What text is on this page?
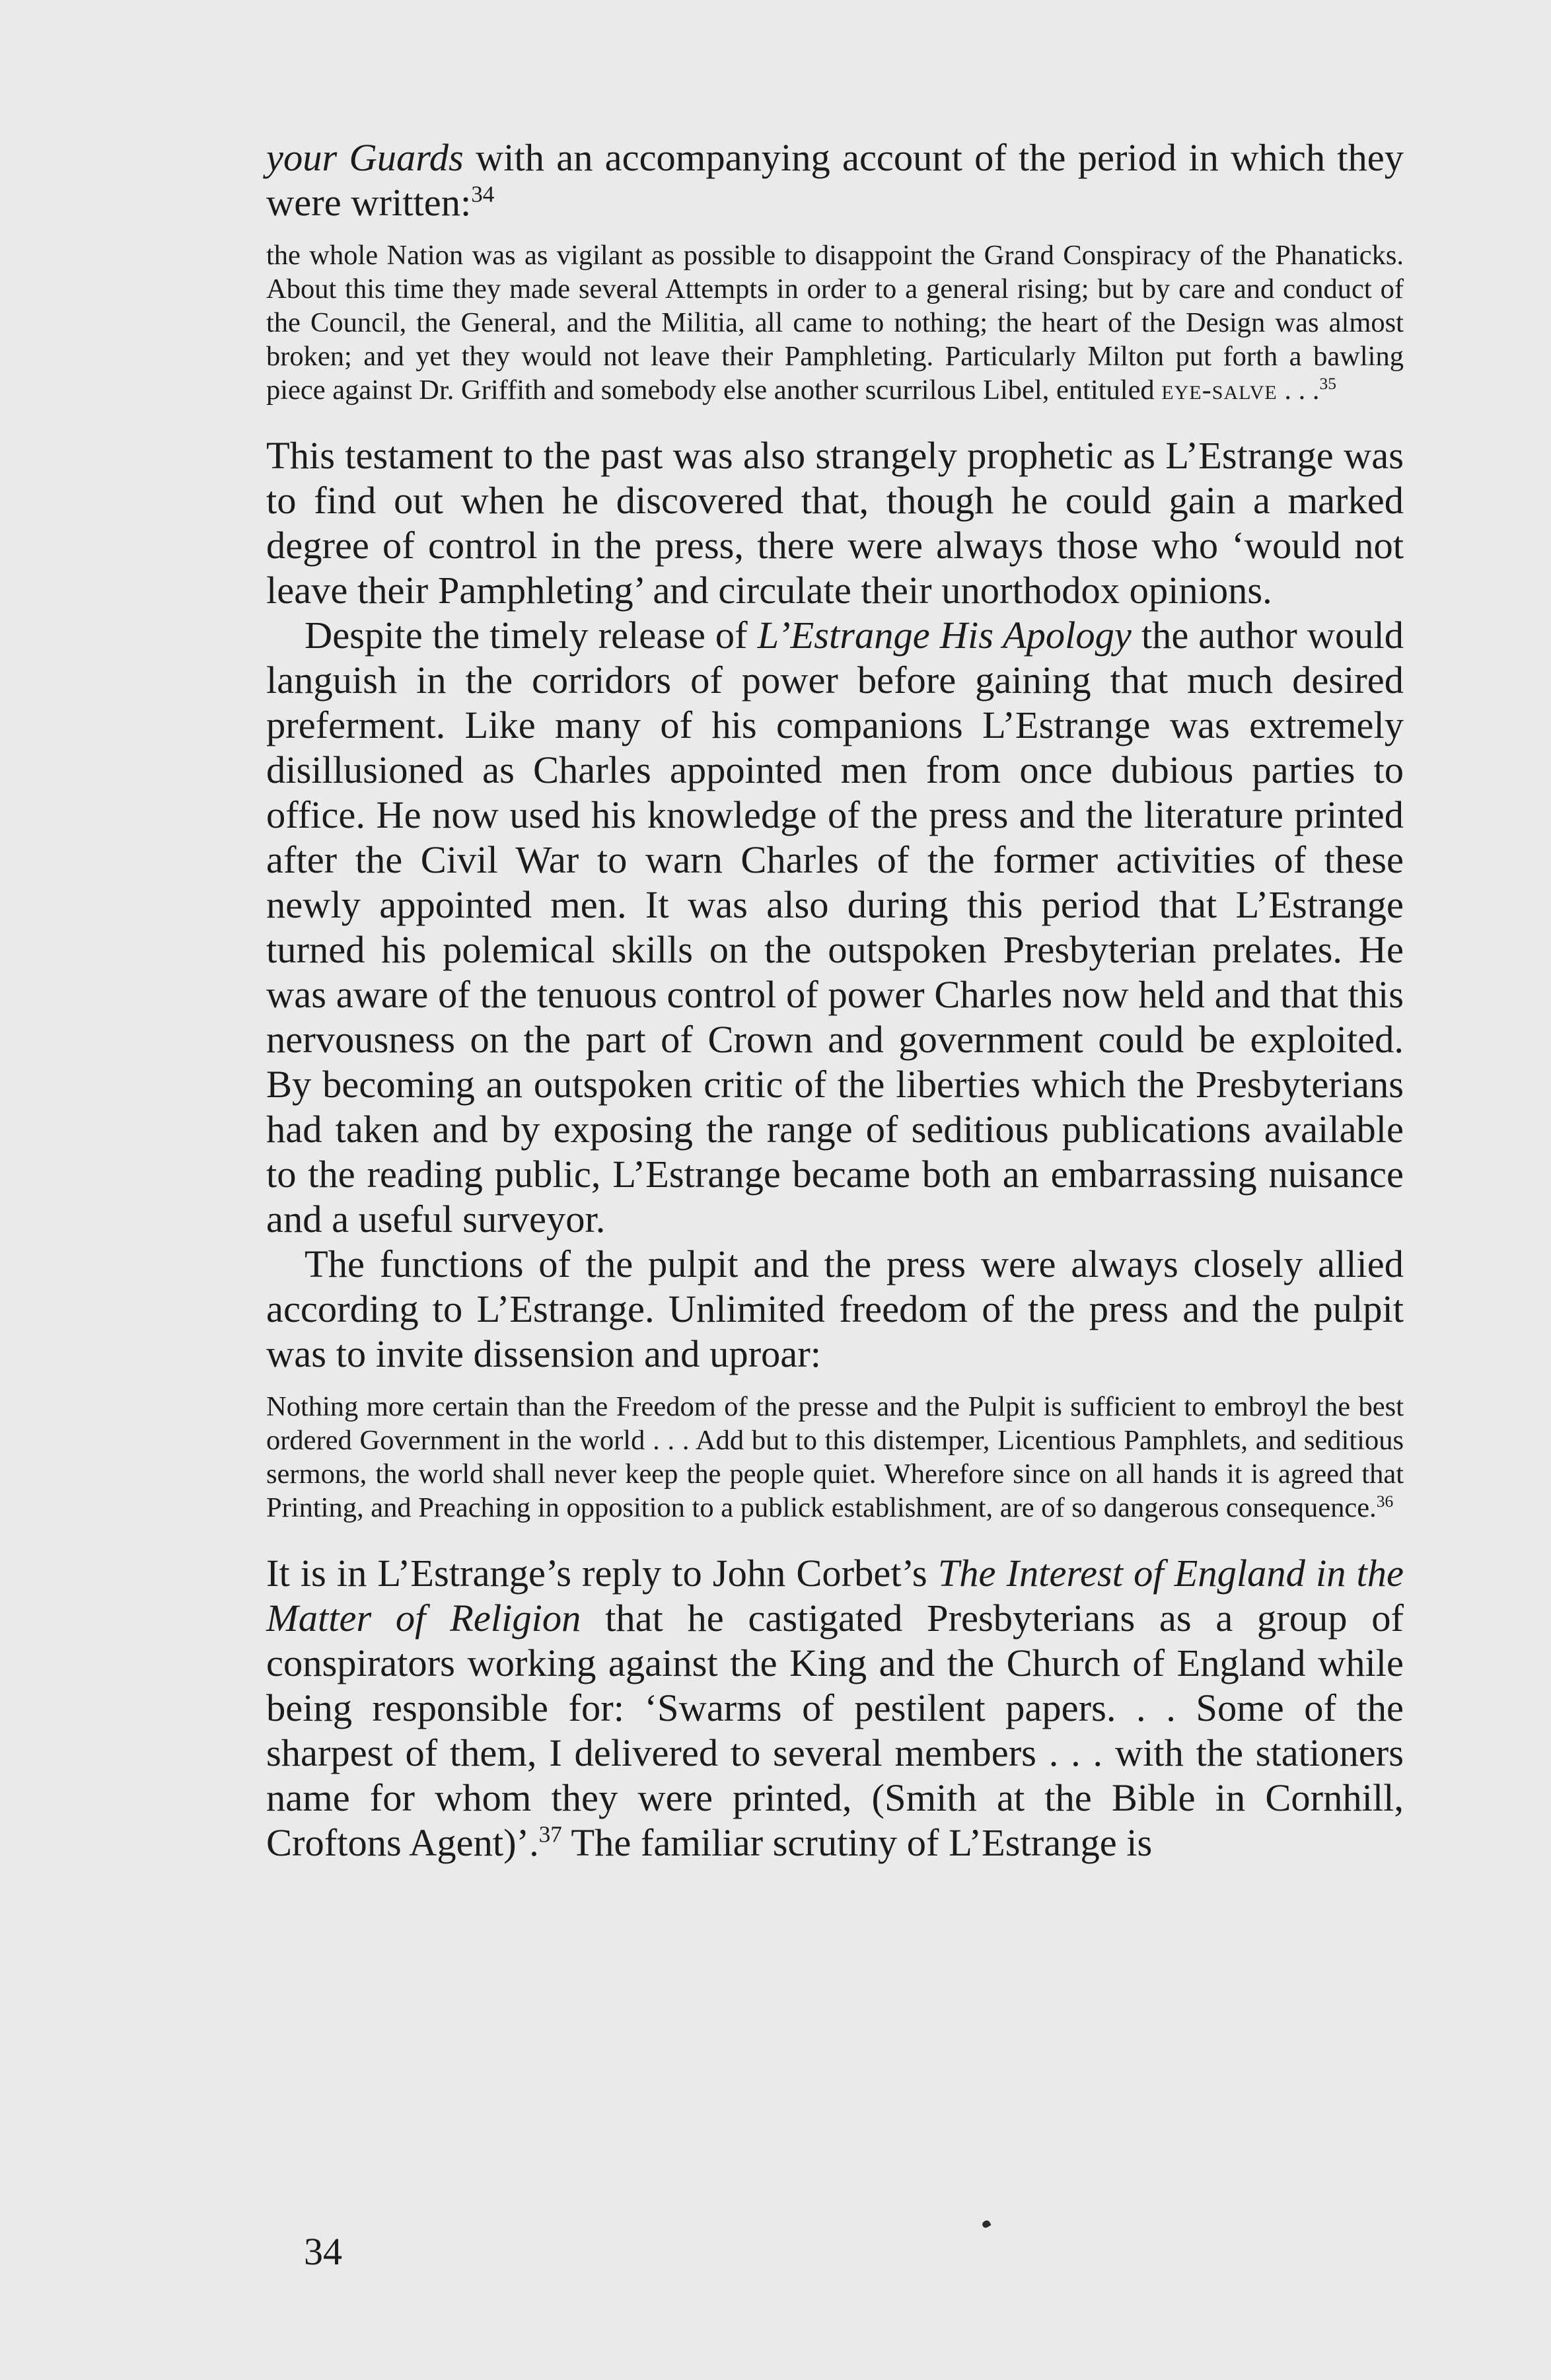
your Guards with an accompanying account of the period in which they were written:$^{34}$

the whole Nation was as vigilant as possible to disappoint the Grand Conspiracy of the Phanaticks. About this time they made several Attempts in order to a general rising; but by care and conduct of the Council, the General, and the Militia, all came to nothing; the heart of the Design was almost broken; and yet they would not leave their Pamphleting. Particularly Milton put forth a bawling piece against Dr. Griffith and somebody else another scurrilous Libel, entituled eye-salve . . .$^{35}$

This testament to the past was also strangely prophetic as L’Estrange was to find out when he discovered that, though he could gain a marked degree of control in the press, there were always those who ‘would not leave their Pamphleting’ and circulate their unorthodox opinions.

Despite the timely release of L’Estrange His Apology the author would languish in the corridors of power before gaining that much desired preferment. Like many of his companions L’Estrange was extremely disillusioned as Charles appointed men from once dubious parties to office. He now used his knowledge of the press and the literature printed after the Civil War to warn Charles of the former activities of these newly appointed men. It was also during this period that L’Estrange turned his polemical skills on the outspoken Presbyterian prelates. He was aware of the tenuous control of power Charles now held and that this nervousness on the part of Crown and government could be exploited. By becoming an outspoken critic of the liberties which the Presbyterians had taken and by exposing the range of seditious publications available to the reading public, L’Estrange became both an embarrassing nuisance and a useful surveyor.

The functions of the pulpit and the press were always closely allied according to L’Estrange. Unlimited freedom of the press and the pulpit was to invite dissension and uproar:

Nothing more certain than the Freedom of the presse and the Pulpit is sufficient to embroyl the best ordered Government in the world . . . Add but to this distemper, Licentious Pamphlets, and seditious sermons, the world shall never keep the people quiet. Wherefore since on all hands it is agreed that Printing, and Preaching in opposition to a publick establishment, are of so dangerous consequence.$^{36}$

It is in L’Estrange’s reply to John Corbet’s The Interest of England in the Matter of Religion that he castigated Presbyterians as a group of conspirators working against the King and the Church of England while being responsible for: ‘Swarms of pestilent papers. . . Some of the sharpest of them, I delivered to several members . . . with the stationers name for whom they were printed, (Smith at the Bible in Cornhill, Croftons Agent)’.$^{37}$ The familiar scrutiny of L’Estrange is

34
